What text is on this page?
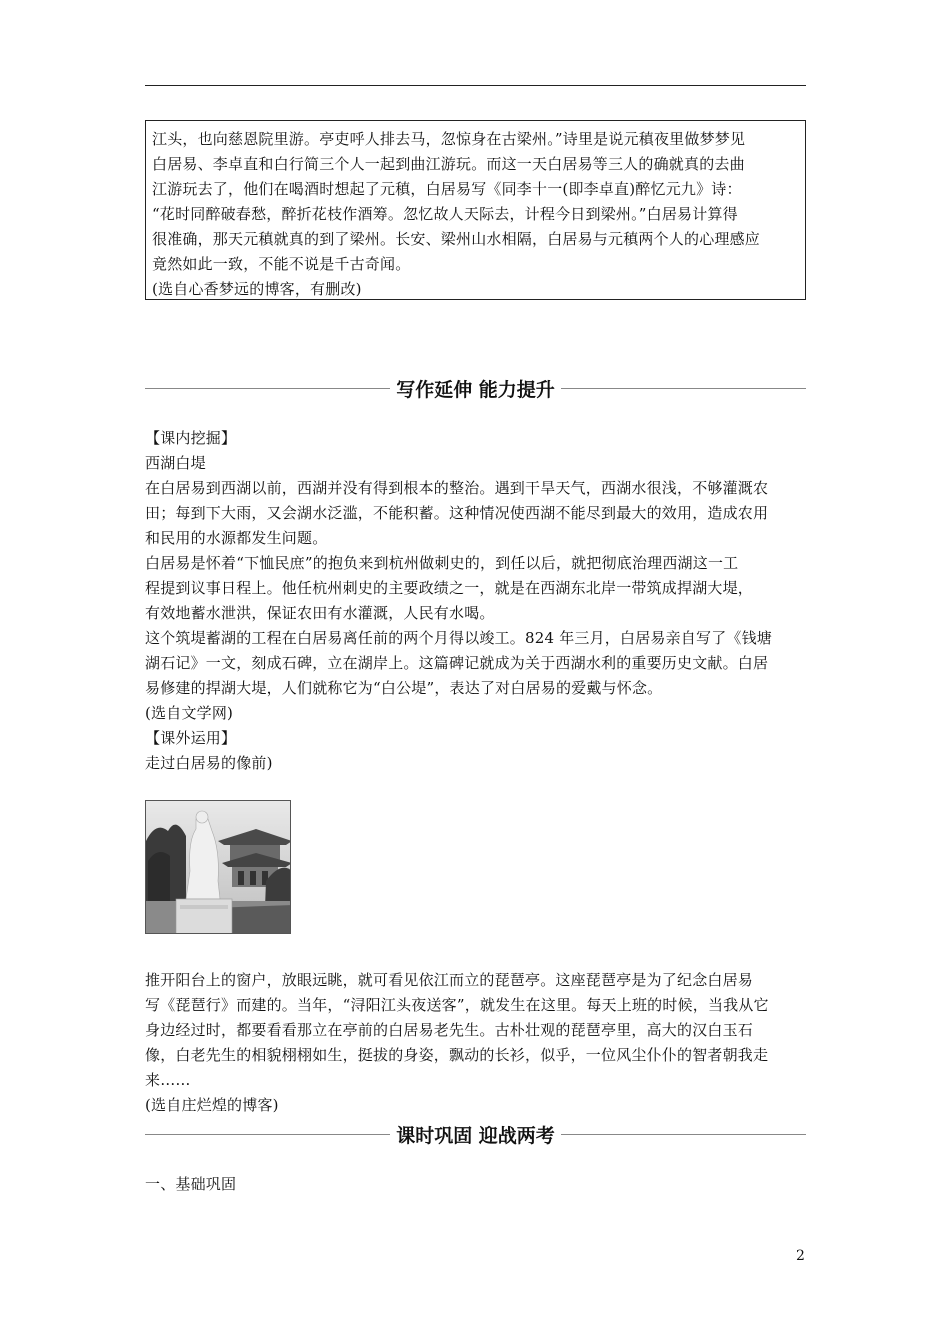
江头，也向慈恩院里游。亭吏呼人排去马，忽惊身在古梁州。”诗里是说元稹夜里做梦梦见

白居易、李卓直和白行简三个人一起到曲江游玩。而这一天白居易等三人的确就真的去曲

江游玩去了，他们在喝酒时想起了元稹，白居易写《同李十一(即李卓直)醉忆元九》诗：

“花时同醉破春愁，醉折花枝作酒筹。忽忆故人天际去，计程今日到梁州。”白居易计算得

很准确，那天元稹就真的到了梁州。长安、梁州山水相隔，白居易与元稹两个人的心理感应

竟然如此一致，不能不说是千古奇闻。

(选自心香梦远的博客，有删改)

写作延伸 能力提升

【课内挖掘】

西湖白堤

在白居易到西湖以前，西湖并没有得到根本的整治。遇到干旱天气，西湖水很浅，不够灌溉农

田；每到下大雨，又会湖水泛滥，不能积蓄。这种情况使西湖不能尽到最大的效用，造成农用

和民用的水源都发生问题。

白居易是怀着“下恤民庶”的抱负来到杭州做刺史的，到任以后，就把彻底治理西湖这一工

程提到议事日程上。他任杭州刺史的主要政绩之一，就是在西湖东北岸一带筑成捍湖大堤，

有效地蓄水泄洪，保证农田有水灌溉，人民有水喝。

这个筑堤蓄湖的工程在白居易离任前的两个月得以竣工。824 年三月，白居易亲自写了《钱塘

湖石记》一文，刻成石碑，立在湖岸上。这篇碑记就成为关于西湖水利的重要历史文献。白居

易修建的捍湖大堤，人们就称它为“白公堤”，表达了对白居易的爱戴与怀念。

(选自文学网)

【课外运用】

走过白居易的像前)

推开阳台上的窗户，放眼远眺，就可看见依江而立的琵琶亭。这座琵琶亭是为了纪念白居易

写《琵琶行》而建的。当年，“浔阳江头夜送客”，就发生在这里。每天上班的时候，当我从它

身边经过时，都要看看那立在亭前的白居易老先生。古朴壮观的琵琶亭里，高大的汉白玉石

像，白老先生的相貌栩栩如生，挺拔的身姿，飘动的长衫，似乎，一位风尘仆仆的智者朝我走

来……

(选自庄烂煌的博客)

课时巩固 迎战两考

一、基础巩固

2
